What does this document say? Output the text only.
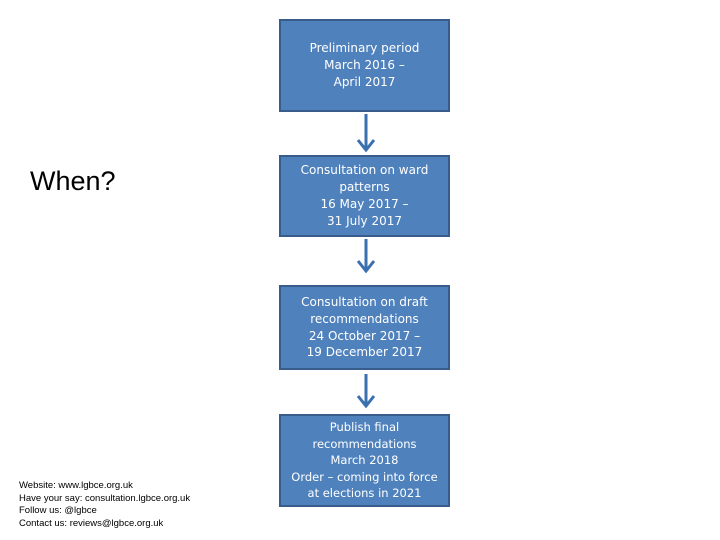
When?
Preliminary period
March 2016 –
April 2017
Consultation on ward
patterns
16 May 2017 –
31 July 2017
Consultation on draft
recommendations
24 October 2017 –
19 December 2017
Publish final
recommendations
March 2018
Order – coming into force
at elections in 2021
Website: www.lgbce.org.uk
Have your say: consultation.lgbce.org.uk
Follow us: @lgbce
Contact us: reviews@lgbce.org.uk
